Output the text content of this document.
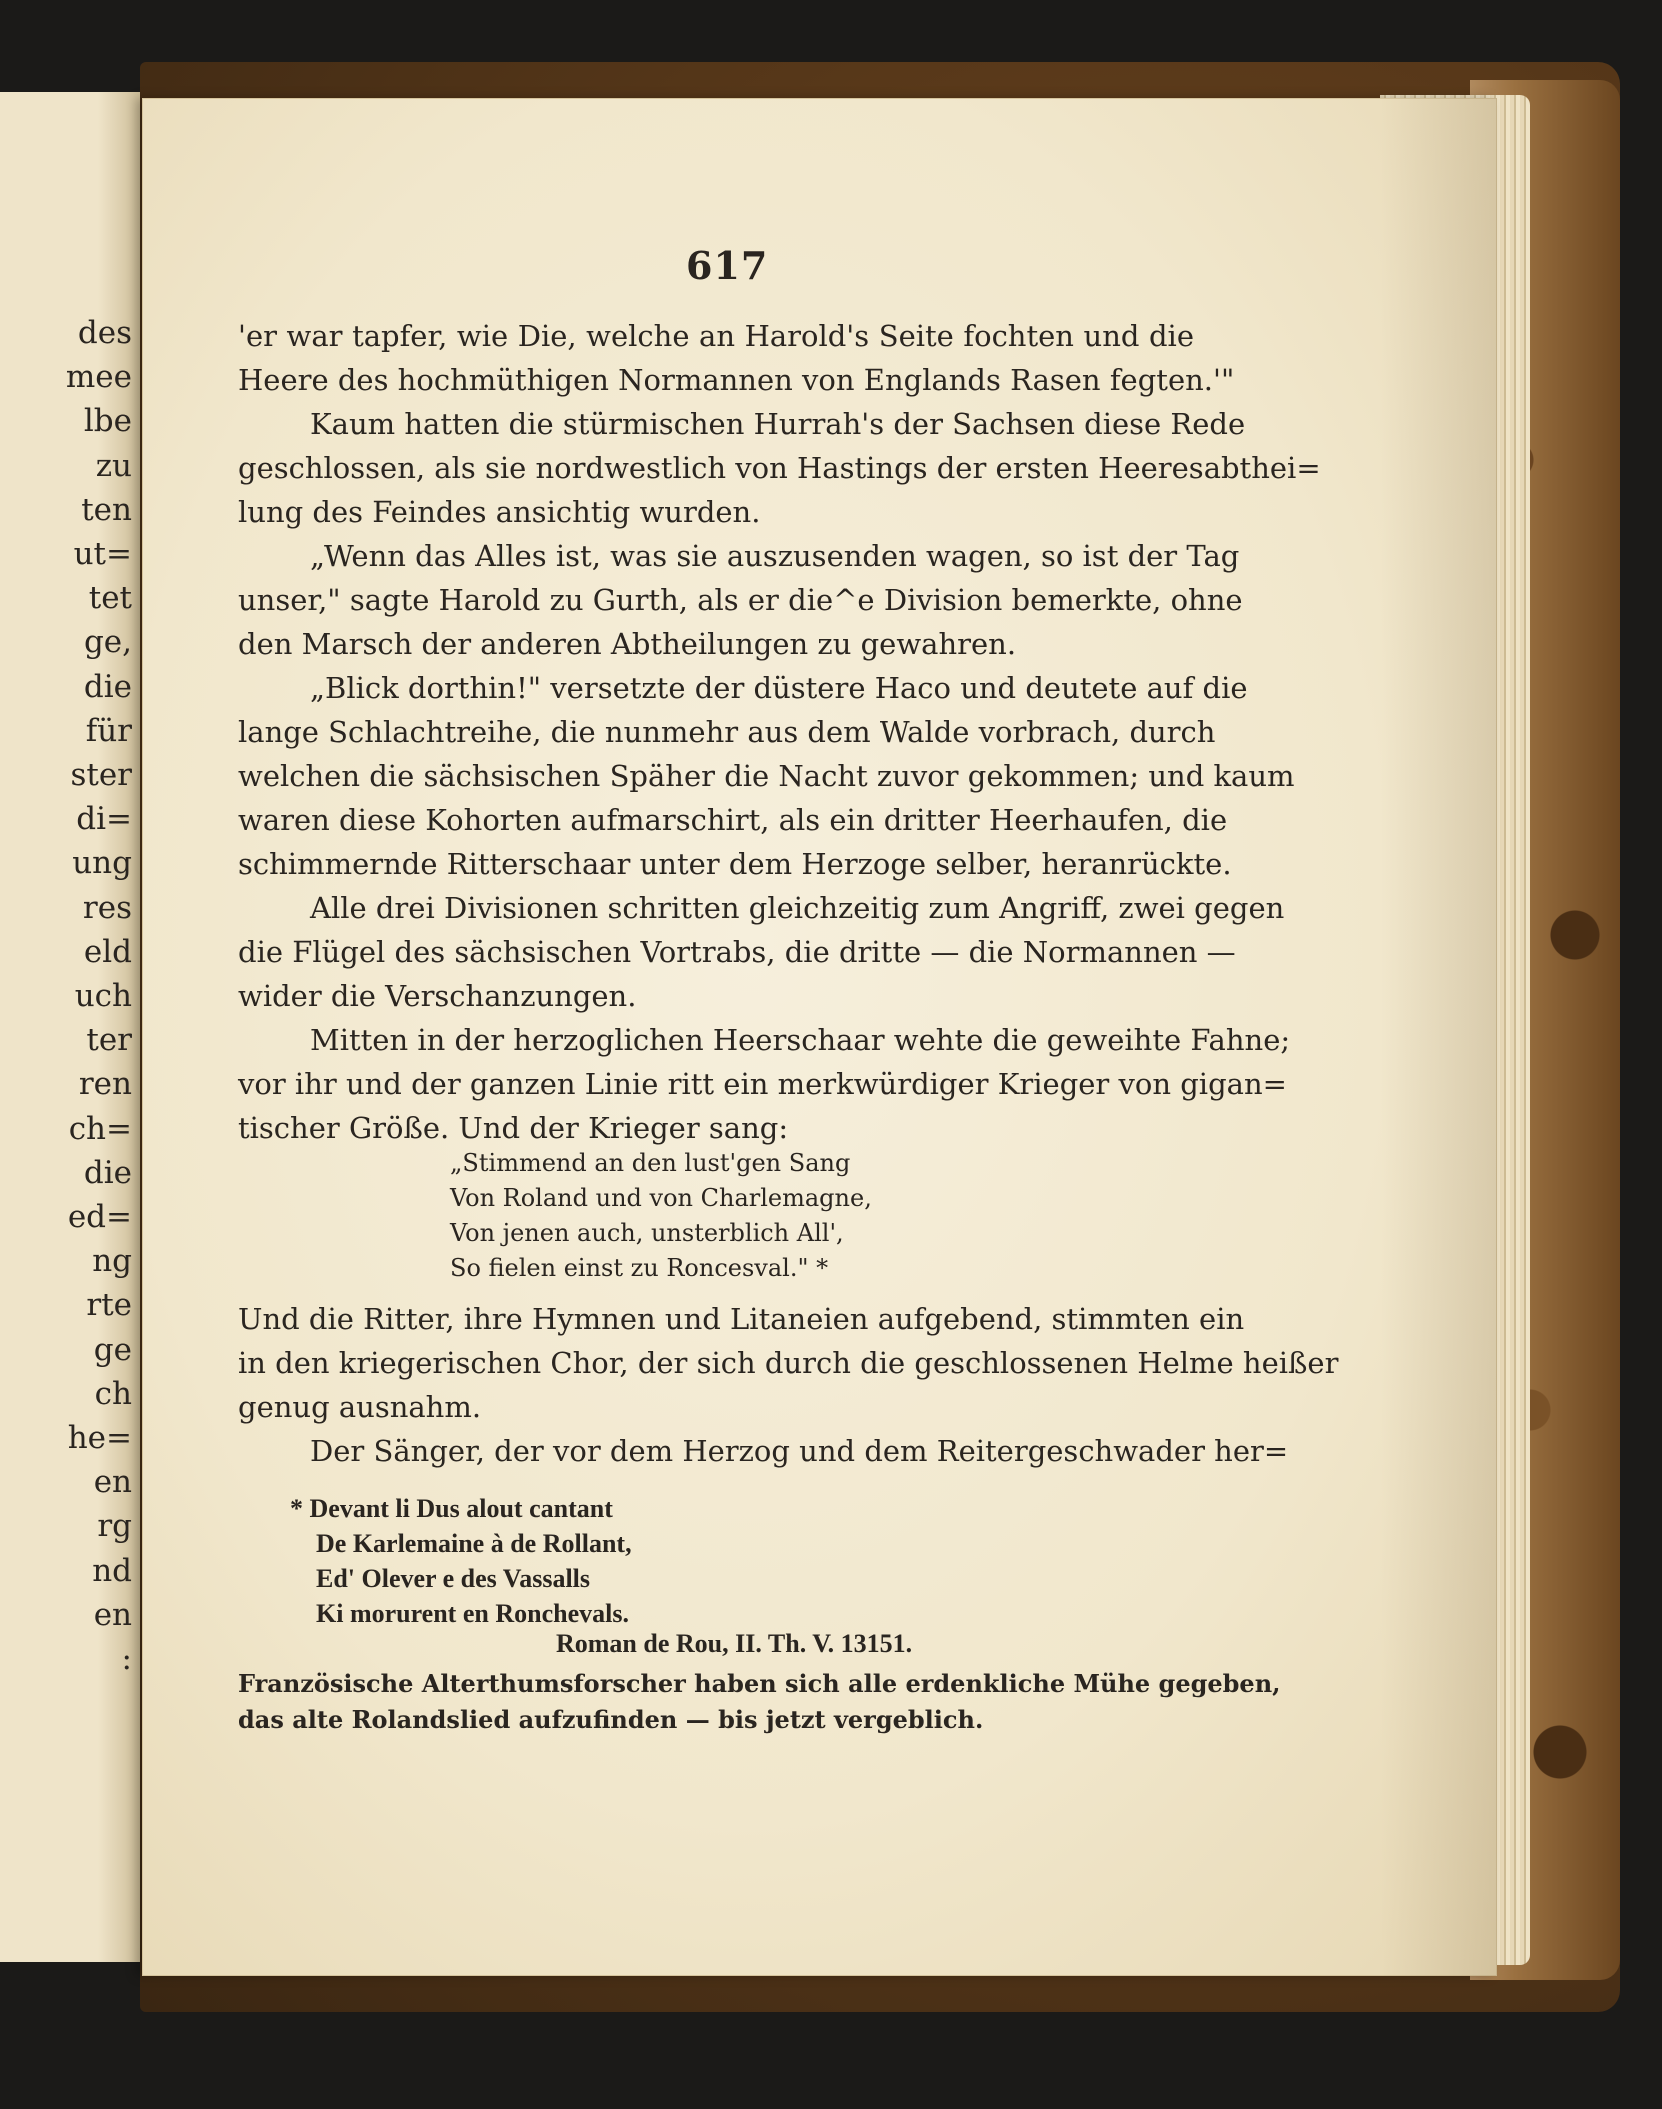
des
mee
lbe
zu
ten
ut=
tet
ge,
die
für
ster
di=
ung
res
eld
uch
ter
ren
ch=
die
ed=
ng
rte
ge
ch
he=
en
rg
nd
en
:
617
'er war tapfer, wie Die, welche an Harold's Seite fochten und die
Heere des hochmüthigen Normannen von Englands Rasen fegten.'"
Kaum hatten die stürmischen Hurrah's der Sachsen diese Rede
geschlossen, als sie nordwestlich von Hastings der ersten Heeresabthei=
lung des Feindes ansichtig wurden.
„Wenn das Alles ist, was sie auszusenden wagen, so ist der Tag
unser," sagte Harold zu Gurth, als er die^e Division bemerkte, ohne
den Marsch der anderen Abtheilungen zu gewahren.
„Blick dorthin!" versetzte der düstere Haco und deutete auf die
lange Schlachtreihe, die nunmehr aus dem Walde vorbrach, durch
welchen die sächsischen Späher die Nacht zuvor gekommen; und kaum
waren diese Kohorten aufmarschirt, als ein dritter Heerhaufen, die
schimmernde Ritterschaar unter dem Herzoge selber, heranrückte.
Alle drei Divisionen schritten gleichzeitig zum Angriff, zwei gegen
die Flügel des sächsischen Vortrabs, die dritte — die Normannen —
wider die Verschanzungen.
Mitten in der herzoglichen Heerschaar wehte die geweihte Fahne;
vor ihr und der ganzen Linie ritt ein merkwürdiger Krieger von gigan=
tischer Größe. Und der Krieger sang:
„Stimmend an den lust'gen Sang
Von Roland und von Charlemagne,
Von jenen auch, unsterblich All',
So fielen einst zu Roncesval." *
Und die Ritter, ihre Hymnen und Litaneien aufgebend, stimmten ein
in den kriegerischen Chor, der sich durch die geschlossenen Helme heißer
genug ausnahm.
Der Sänger, der vor dem Herzog und dem Reitergeschwader her=
* Devant li Dus alout cantant
De Karlemaine à de Rollant,
Ed' Olever e des Vassalls
Ki morurent en Ronchevals.
Roman de Rou, II. Th. V. 13151.
Französische Alterthumsforscher haben sich alle erdenkliche Mühe gegeben,
das alte Rolandslied aufzufinden — bis jetzt vergeblich.
